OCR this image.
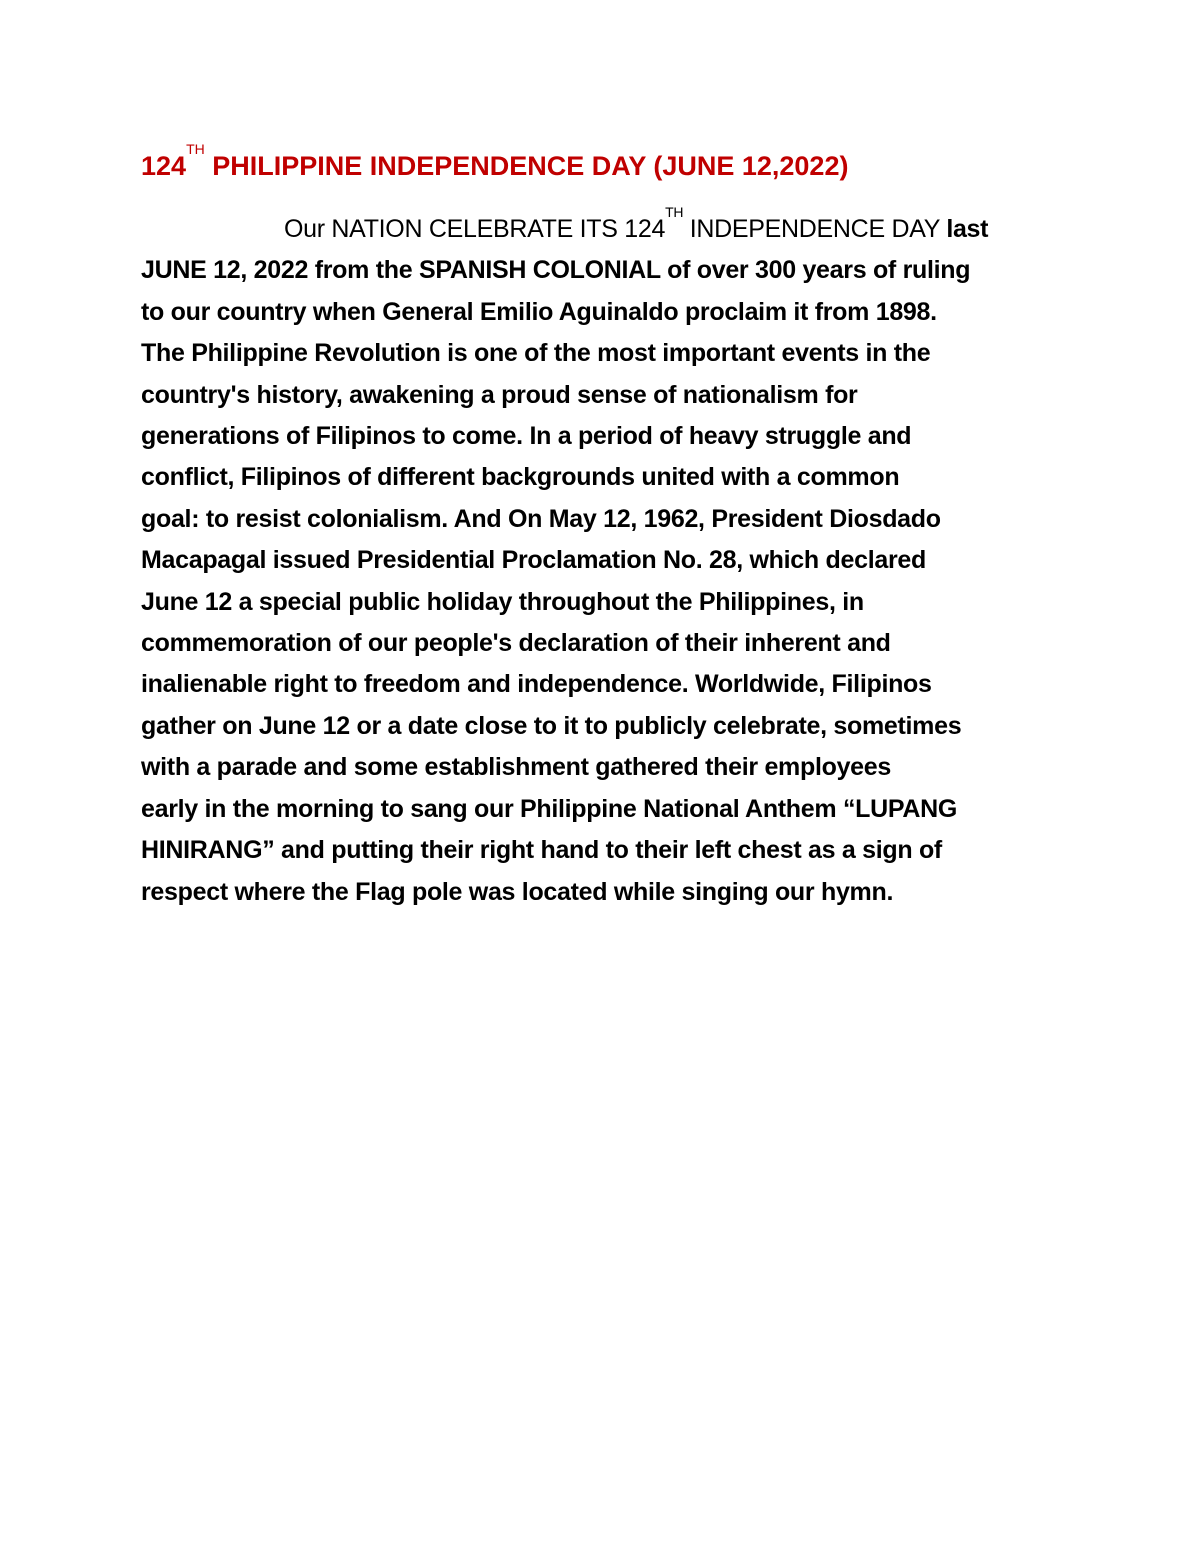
124TH PHILIPPINE INDEPENDENCE DAY (JUNE 12,2022)

Our NATION CELEBRATE ITS 124TH INDEPENDENCE DAY last
JUNE 12, 2022 from the SPANISH COLONIAL of over 300 years of ruling
to our country when General Emilio Aguinaldo proclaim it from 1898.
The Philippine Revolution is one of the most important events in the
country's history, awakening a proud sense of nationalism for
generations of Filipinos to come. In a period of heavy struggle and
conflict, Filipinos of different backgrounds united with a common
goal: to resist colonialism. And On May 12, 1962, President Diosdado
Macapagal issued Presidential Proclamation No. 28, which declared
June 12 a special public holiday throughout the Philippines, in
commemoration of our people's declaration of their inherent and
inalienable right to freedom and independence. Worldwide, Filipinos
gather on June 12 or a date close to it to publicly celebrate, sometimes
with a parade and some establishment gathered their employees
early in the morning to sang our Philippine National Anthem “LUPANG
HINIRANG” and putting their right hand to their left chest as a sign of
respect where the Flag pole was located while singing our hymn.
